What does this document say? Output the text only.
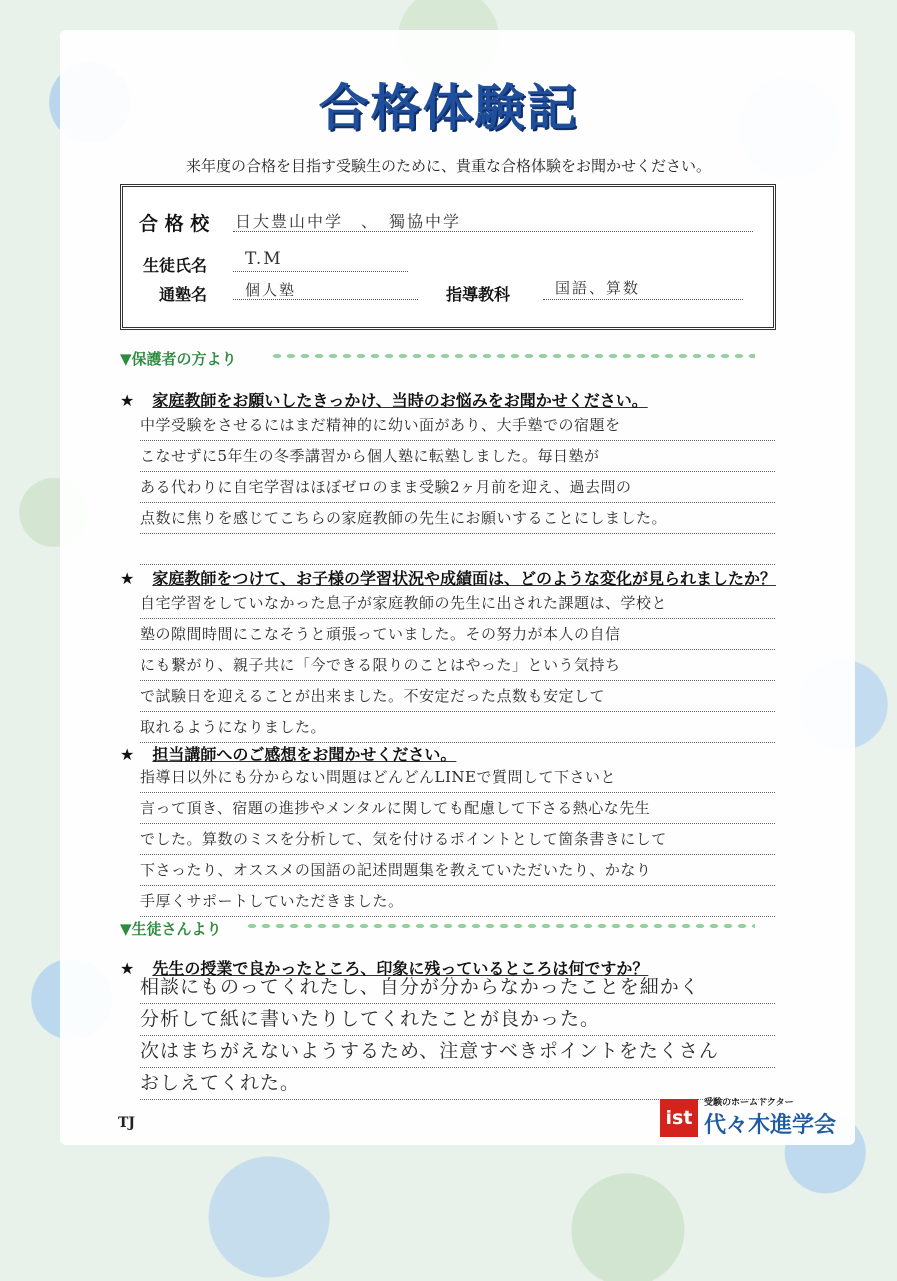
合格体験記
来年度の合格を目指す受験生のために、貴重な合格体験をお聞かせください。
合 格 校 日大豊山中学　、　獨協中学
生徒氏名 T.M
通塾名	個人塾	指導教科	国語、算数
▼保護者の方より
★ 家庭教師をお願いしたきっかけ、当時のお悩みをお聞かせください。
中学受験をさせるにはまだ精神的に幼い面があり、大手塾での宿題を
こなせずに5年生の冬季講習から個人塾に転塾しました。毎日塾が
ある代わりに自宅学習はほぼゼロのまま受験2ヶ月前を迎え、過去問の
点数に焦りを感じてこちらの家庭教師の先生にお願いすることにしました。
★ 家庭教師をつけて、お子様の学習状況や成績面は、どのような変化が見られましたか？
自宅学習をしていなかった息子が家庭教師の先生に出された課題は、学校と
塾の隙間時間にこなそうと頑張っていました。その努力が本人の自信
にも繋がり、親子共に「今できる限りのことはやった」という気持ち
で試験日を迎えることが出来ました。不安定だった点数も安定して
取れるようになりました。
★ 担当講師へのご感想をお聞かせください。
指導日以外にも分からない問題はどんどんLINEで質問して下さいと
言って頂き、宿題の進捗やメンタルに関しても配慮して下さる熱心な先生
でした。算数のミスを分析して、気を付けるポイントとして箇条書きにして
下さったり、オススメの国語の記述問題集を教えていただいたり、かなり
手厚くサポートしていただきました。
▼生徒さんより
★ 先生の授業で良かったところ、印象に残っているところは何ですか？
相談にものってくれたし、自分が分からなかったことを細かく
分析して紙に書いたりしてくれたことが良かった。
次はまちがえないようするため、注意すべきポイントをたくさん
おしえてくれた。
TJ	ist
受験のホームドクター
代々木進学会
